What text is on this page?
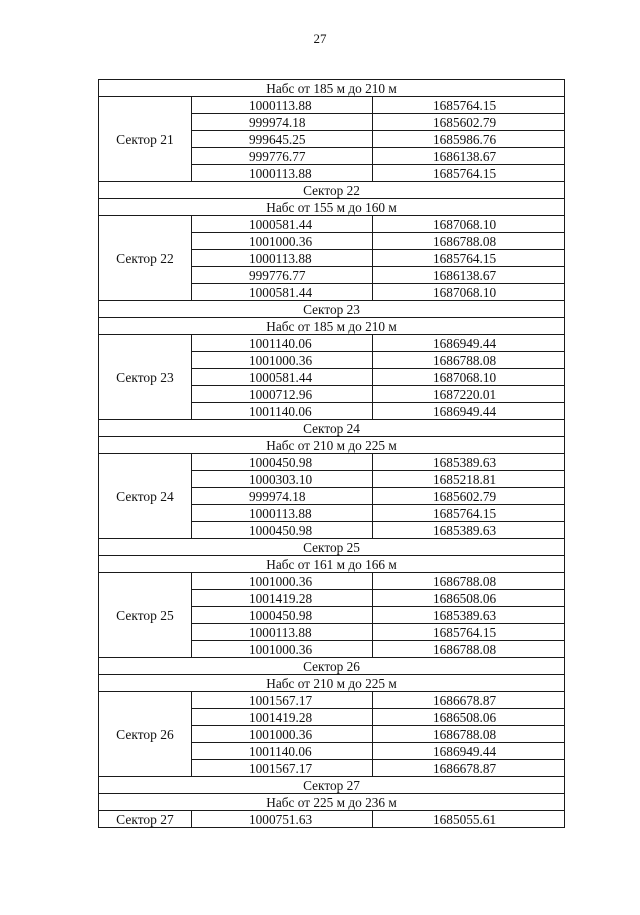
27
Набс от 185 м до 210 м		
Сектор 21	1000113.88	1685764.15
	999974.18	1685602.79
	999645.25	1685986.76
	999776.77	1686138.67
	1000113.88	1685764.15
Сектор 22		
Набс от 155 м до 160 м		
Сектор 22	1000581.44	1687068.10
	1001000.36	1686788.08
	1000113.88	1685764.15
	999776.77	1686138.67
	1000581.44	1687068.10
Сектор 23		
Набс от 185 м до 210 м		
Сектор 23	1001140.06	1686949.44
	1001000.36	1686788.08
	1000581.44	1687068.10
	1000712.96	1687220.01
	1001140.06	1686949.44
Сектор 24		
Набс от 210 м до 225 м		
Сектор 24	1000450.98	1685389.63
	1000303.10	1685218.81
	999974.18	1685602.79
	1000113.88	1685764.15
	1000450.98	1685389.63
Сектор 25		
Набс от 161 м до 166 м		
Сектор 25	1001000.36	1686788.08
	1001419.28	1686508.06
	1000450.98	1685389.63
	1000113.88	1685764.15
	1001000.36	1686788.08
Сектор 26		
Набс от 210 м до 225 м		
Сектор 26	1001567.17	1686678.87
	1001419.28	1686508.06
	1001000.36	1686788.08
	1001140.06	1686949.44
	1001567.17	1686678.87
Сектор 27		
Набс от 225 м до 236 м		
Сектор 27	1000751.63	1685055.61
